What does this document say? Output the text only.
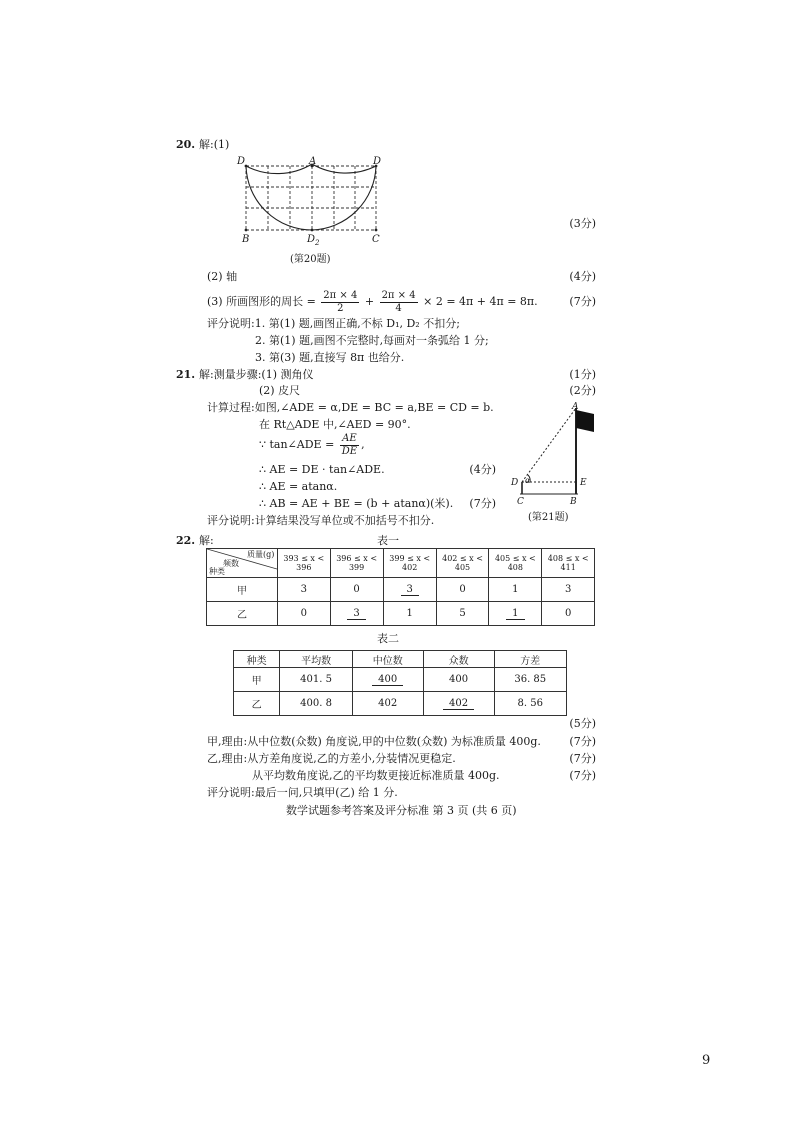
20. 解:(1)
D	A	D
B	$D_2$	C
(第20题)
(3分)
(2) 轴	(4分)
(3) 所画图形的周长 = $\frac{2\pi \times 4}{2} + \frac{2\pi \times 4}{4} \times 2 = 4\pi + 4\pi = 8\pi$.	(7分)
评分说明:1. 第(1) 题,画图正确,不标 D₁, D₂ 不扣分;
2. 第(1) 题,画图不完整时,每画对一条弧给 1 分;
3. 第(3) 题,直接写 8π 也给分.
21. 解:测量步骤:(1) 测角仪	(1分)
(2) 皮尺	(2分)
计算过程:如图,∠ADE = α,DE = BC = a,BE = CD = b.
在 Rt△ADE 中,∠AED = 90°.
∵ tan∠ADE = $\frac{AE}{DE}$ ,
∴ AE = DE · tan∠ADE.	(4分)
∴ AE = atanα.
∴ AB = AE + BE = (b + atanα)(米).	(7分)
评分说明:计算结果没写单位或不加括号不扣分.
A
D α	E
C	B
(第21题)
22. 解:	表一
质量(g)
频数
种类	393 ≤ x < 396	396 ≤ x < 399	399 ≤ x < 402	402 ≤ x < 405	405 ≤ x < 408	408 ≤ x < 411
甲	3	0	3	0	1	3
乙	0	3	1	5	1	0
表二
种类	平均数	中位数	众数	方差
甲	401. 5	400	400	36. 85
乙	400. 8	402	402	8. 56
(5分)
甲,理由:从中位数(众数) 角度说,甲的中位数(众数) 为标准质量 400g.	(7分)
乙,理由:从方差角度说,乙的方差小,分装情况更稳定.	(7分)
从平均数角度说,乙的平均数更接近标准质量 400g.	(7分)
评分说明:最后一问,只填甲(乙) 给 1 分.
数学试题参考答案及评分标准 第 3 页 (共 6 页)
9
